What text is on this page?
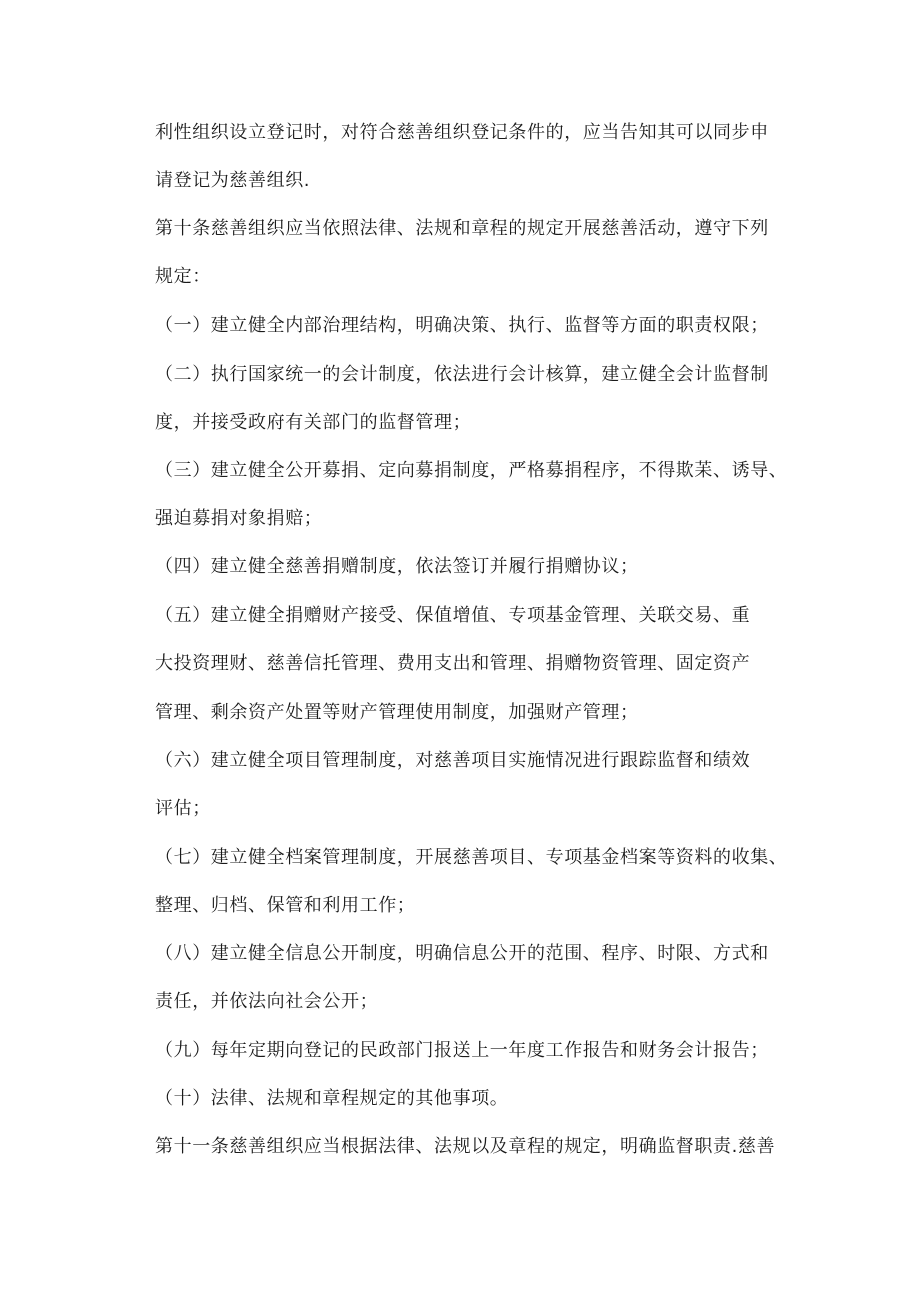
利性组织设立登记时，对符合慈善组织登记条件的，应当告知其可以同步申
请登记为慈善组织.
第十条慈善组织应当依照法律、法规和章程的规定开展慈善活动，遵守下列
规定：
（一）建立健全内部治理结构，明确决策、执行、监督等方面的职责权限；
（二）执行国家统一的会计制度，依法进行会计核算，建立健全会计监督制
度，并接受政府有关部门的监督管理；
（三）建立健全公开募捐、定向募捐制度，严格募捐程序，不得欺苿、诱导、
强迫募捐对象捐赔；
（四）建立健全慈善捐赠制度，依法签订并履行捐赠协议；
（五）建立健全捐赠财产接受、保值增值、专项基金管理、关联交易、重
大投资理财、慈善信托管理、费用支出和管理、捐赠物资管理、固定资产
管理、剩余资产处置等财产管理使用制度，加强财产管理；
（六）建立健全项目管理制度，对慈善项目实施情况进行跟踪监督和绩效
评估；
（七）建立健全档案管理制度，开展慈善项目、专项基金档案等资料的收集、
整理、归档、保管和利用工作；
（八）建立健全信息公开制度，明确信息公开的范围、程序、时限、方式和
责任，并依法向社会公开；
（九）每年定期向登记的民政部门报送上一年度工作报告和财务会计报告；
（十）法律、法规和章程规定的其他事项。
第十一条慈善组织应当根据法律、法规以及章程的规定，明确监督职责.慈善
